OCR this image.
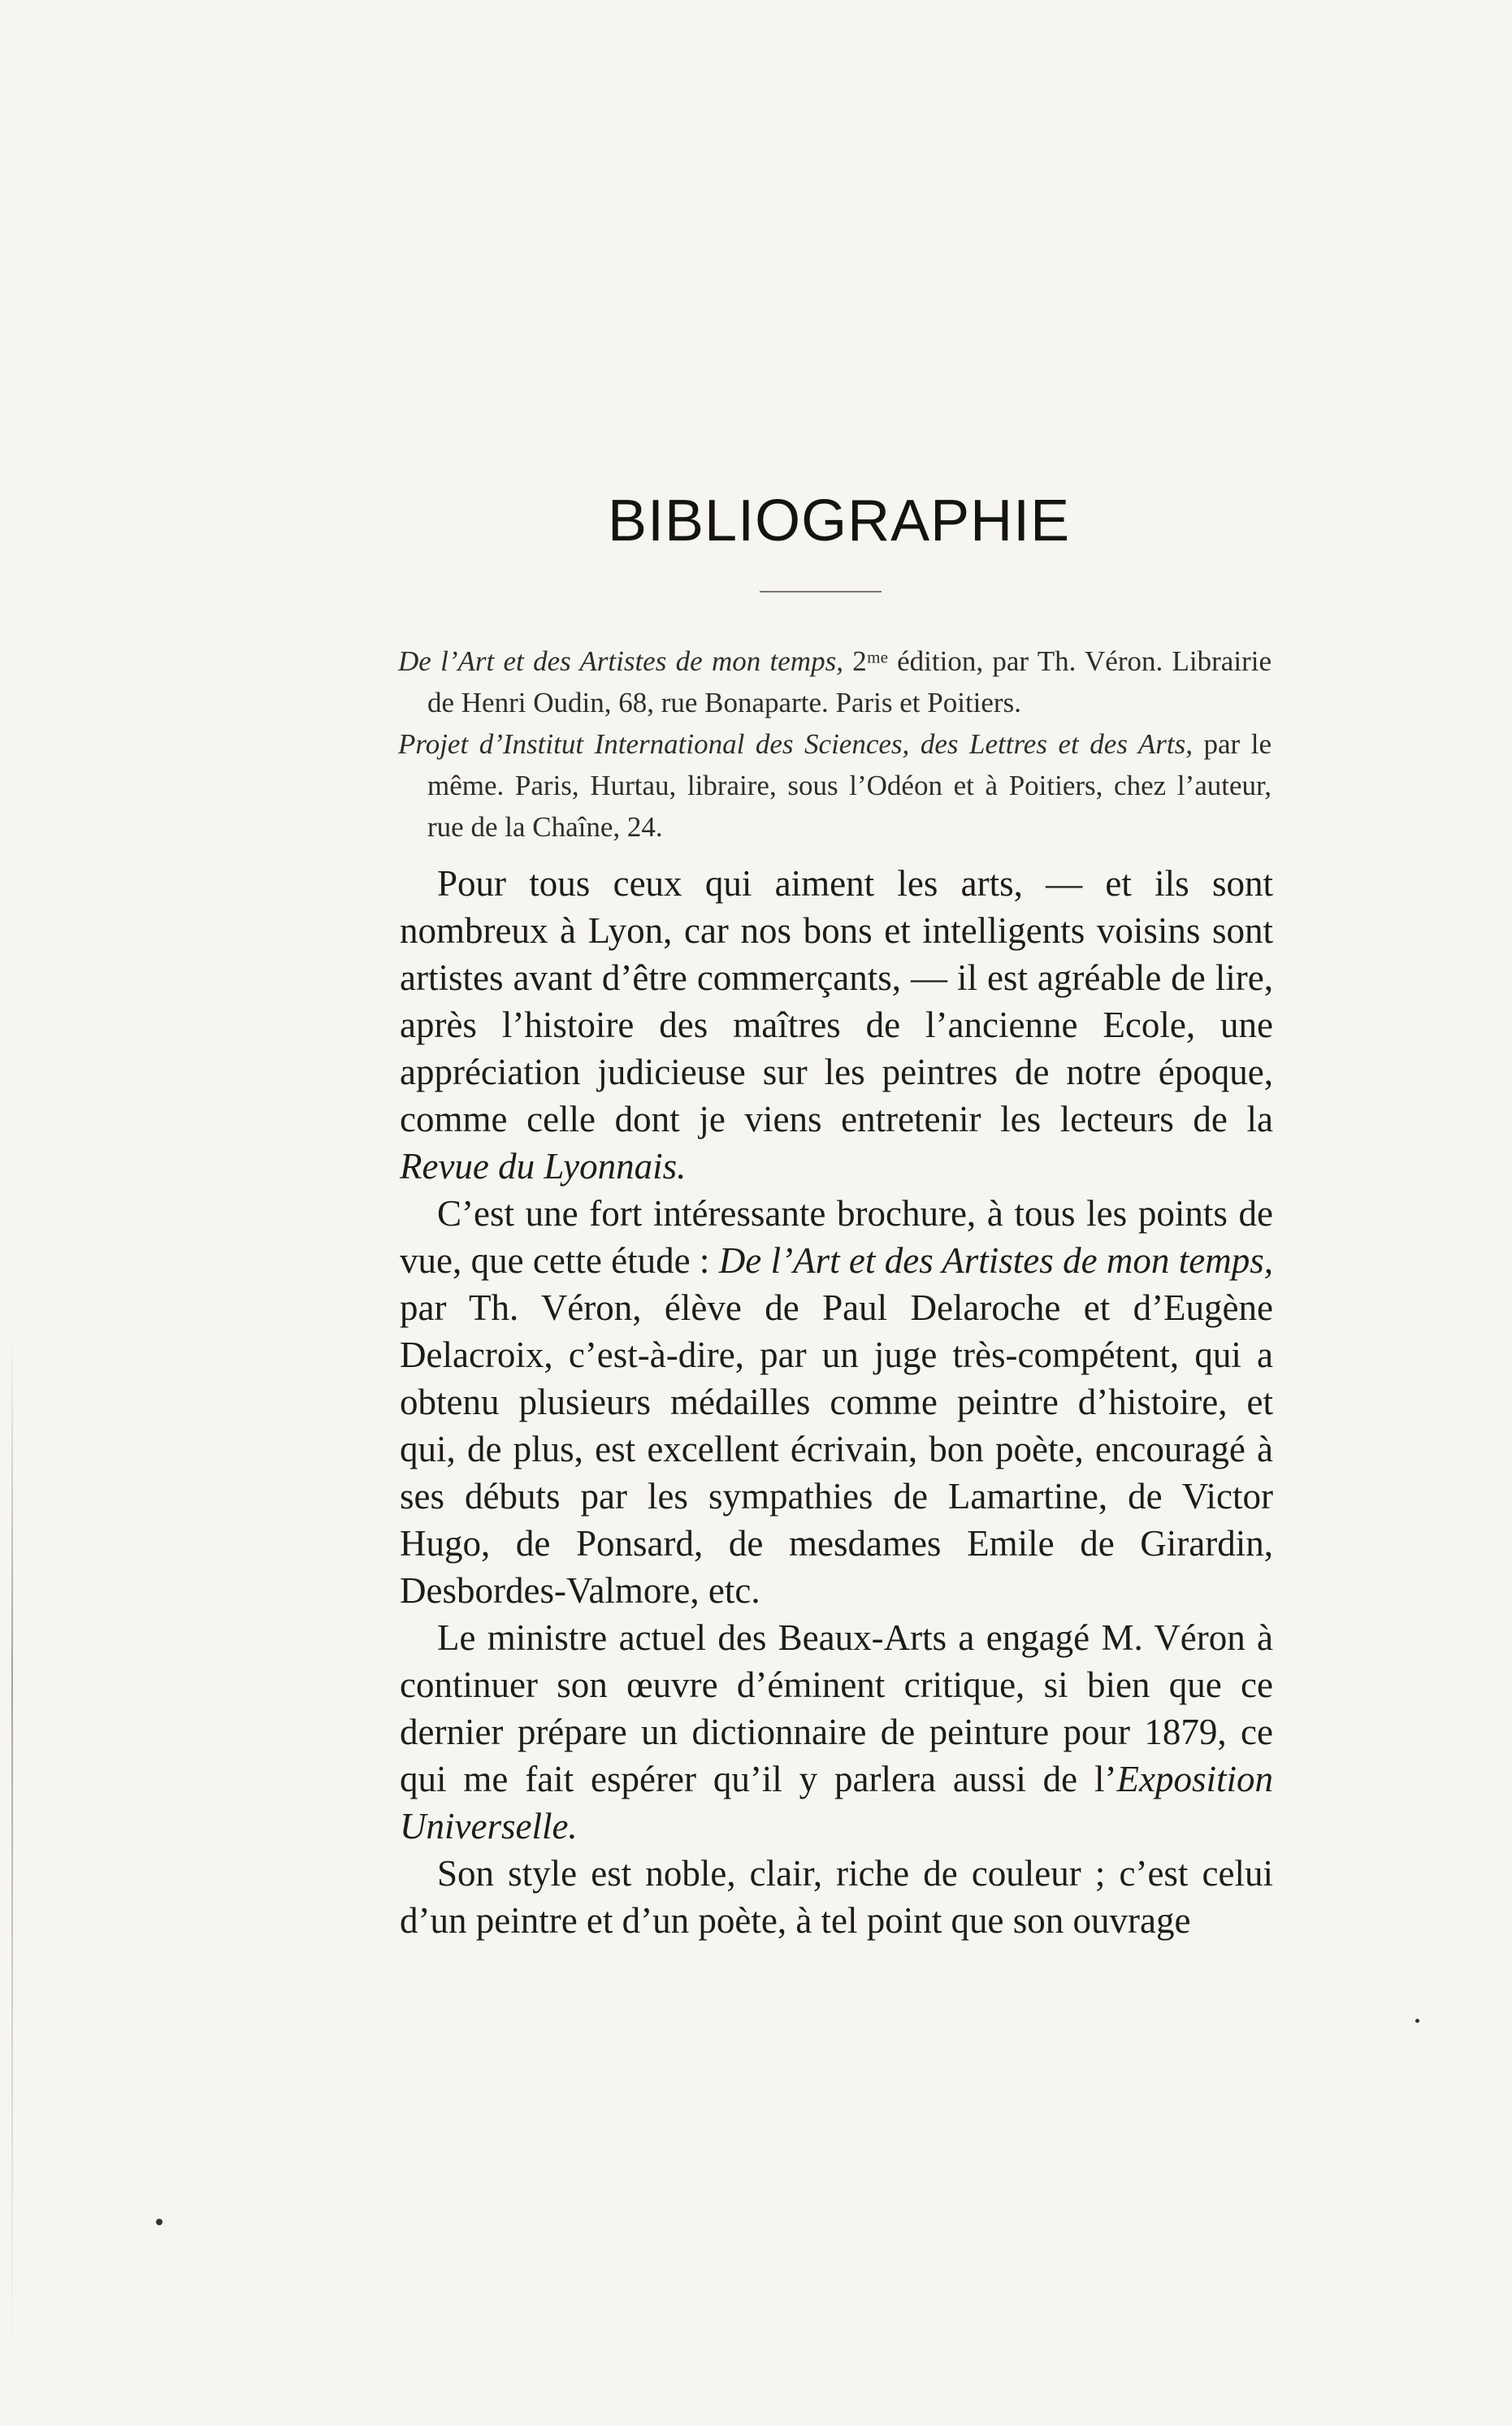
BIBLIOGRAPHIE

De l’Art et des Artistes de mon temps, 2ᵐᵉ édition, par Th. Véron. Librairie de Henri Oudin, 68, rue Bonaparte. Paris et Poitiers.

Projet d’Institut International des Sciences, des Lettres et des Arts, par le même. Paris, Hurtau, libraire, sous l’Odéon et à Poitiers, chez l’auteur, rue de la Chaîne, 24.

Pour tous ceux qui aiment les arts, — et ils sont nombreux à Lyon, car nos bons et intelligents voisins sont artistes avant d’être commerçants, — il est agréable de lire, après l’histoire des maîtres de l’ancienne Ecole, une appréciation judicieuse sur les peintres de notre époque, comme celle dont je viens entretenir les lecteurs de la Revue du Lyonnais.

C’est une fort intéressante brochure, à tous les points de vue, que cette étude : De l’Art et des Artistes de mon temps, par Th. Véron, élève de Paul Delaroche et d’Eugène Delacroix, c’est-à-dire, par un juge très-compétent, qui a obtenu plusieurs médailles comme peintre d’histoire, et qui, de plus, est excellent écrivain, bon poète, encouragé à ses débuts par les sympathies de Lamartine, de Victor Hugo, de Ponsard, de mesdames Emile de Girardin, Desbordes-Valmore, etc.

Le ministre actuel des Beaux-Arts a engagé M. Véron à continuer son œuvre d’éminent critique, si bien que ce dernier prépare un dictionnaire de peinture pour 1879, ce qui me fait espérer qu’il y parlera aussi de l’Exposition Universelle.

Son style est noble, clair, riche de couleur ; c’est celui d’un peintre et d’un poète, à tel point que son ouvrage
